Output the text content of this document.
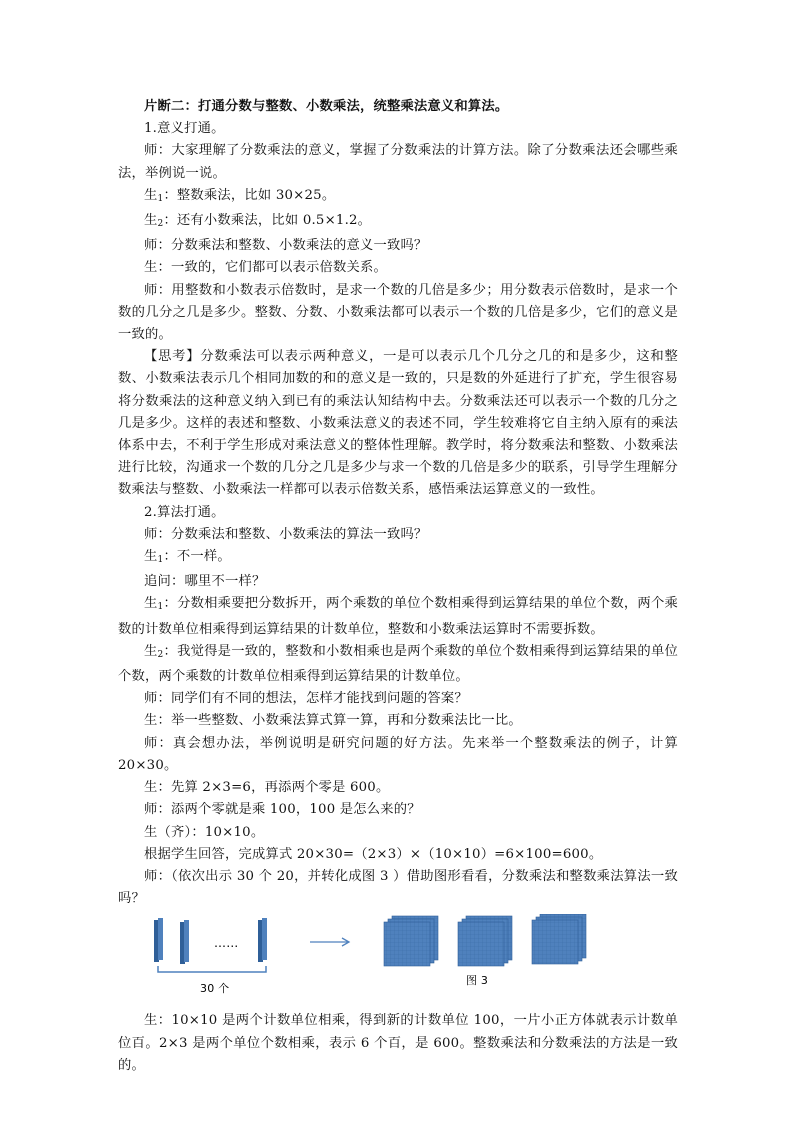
片断二：打通分数与整数、小数乘法，统整乘法意义和算法。

1.意义打通。

师：大家理解了分数乘法的意义，掌握了分数乘法的计算方法。除了分数乘法还会哪些乘法，举例说一说。

生$_1$：整数乘法，比如 30×25。

生$_2$：还有小数乘法，比如 0.5×1.2。

师：分数乘法和整数、小数乘法的意义一致吗？

生：一致的，它们都可以表示倍数关系。

师：用整数和小数表示倍数时，是求一个数的几倍是多少；用分数表示倍数时，是求一个数的几分之几是多少。整数、分数、小数乘法都可以表示一个数的几倍是多少，它们的意义是一致的。

【思考】分数乘法可以表示两种意义，一是可以表示几个几分之几的和是多少，这和整数、小数乘法表示几个相同加数的和的意义是一致的，只是数的外延进行了扩充，学生很容易将分数乘法的这种意义纳入到已有的乘法认知结构中去。分数乘法还可以表示一个数的几分之几是多少。这样的表述和整数、小数乘法意义的表述不同，学生较难将它自主纳入原有的乘法体系中去，不利于学生形成对乘法意义的整体性理解。教学时，将分数乘法和整数、小数乘法进行比较，沟通求一个数的几分之几是多少与求一个数的几倍是多少的联系，引导学生理解分数乘法与整数、小数乘法一样都可以表示倍数关系，感悟乘法运算意义的一致性。

2.算法打通。

师：分数乘法和整数、小数乘法的算法一致吗？

生$_1$：不一样。

追问：哪里不一样？

生$_1$：分数相乘要把分数拆开，两个乘数的单位个数相乘得到运算结果的单位个数，两个乘数的计数单位相乘得到运算结果的计数单位，整数和小数乘法运算时不需要拆数。

生$_2$：我觉得是一致的，整数和小数相乘也是两个乘数的单位个数相乘得到运算结果的单位个数，两个乘数的计数单位相乘得到运算结果的计数单位。

师：同学们有不同的想法，怎样才能找到问题的答案？

生：举一些整数、小数乘法算式算一算，再和分数乘法比一比。

师：真会想办法，举例说明是研究问题的好方法。先来举一个整数乘法的例子，计算20×30。

生：先算 2×3=6，再添两个零是 600。

师：添两个零就是乘 100，100 是怎么来的？

生（齐）：10×10。

根据学生回答，完成算式 20×30=（2×3）×（10×10）=6×100=600。

师：（依次出示 30 个 20，并转化成图 3 ）借助图形看看，分数乘法和整数乘法算法一致吗？

……
30 个
图 3

生：10×10 是两个计数单位相乘，得到新的计数单位 100，一片小正方体就表示计数单位百。2×3 是两个单位个数相乘，表示 6 个百，是 600。整数乘法和分数乘法的方法是一致的。
